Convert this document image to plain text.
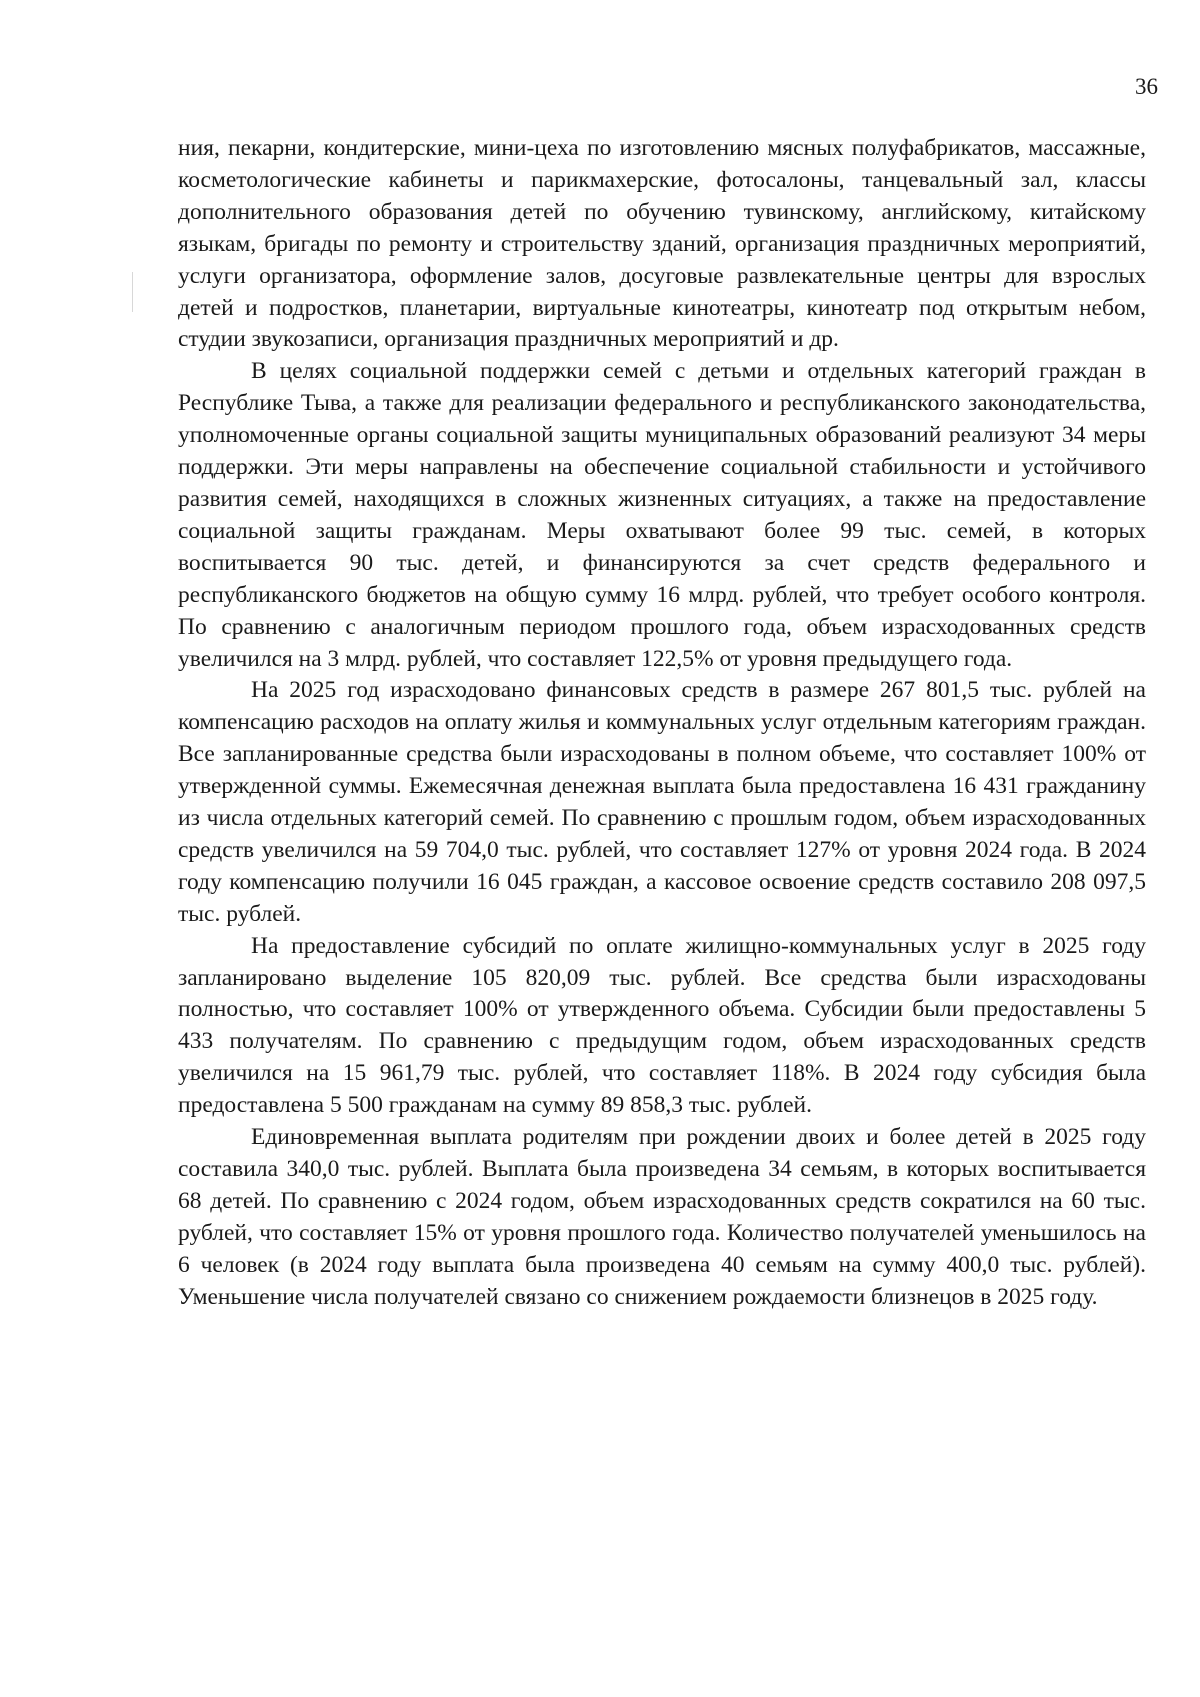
36

ния, пекарни, кондитерские, мини-цеха по изготовлению мясных полуфабрикатов, массажные, косметологические кабинеты и парикмахерские, фотосалоны, танцевальный зал, классы дополнительного образования детей по обучению тувинскому, английскому, китайскому языкам, бригады по ремонту и строительству зданий, организация праздничных мероприятий, услуги организатора, оформление залов, досуговые развлекательные центры для взрослых детей и подростков, планетарии, виртуальные кинотеатры, кинотеатр под открытым небом, студии звукозаписи, организация праздничных мероприятий и др.

В целях социальной поддержки семей с детьми и отдельных категорий граждан в Республике Тыва, а также для реализации федерального и республиканского законодательства, уполномоченные органы социальной защиты муниципальных образований реализуют 34 меры поддержки. Эти меры направлены на обеспечение социальной стабильности и устойчивого развития семей, находящихся в сложных жизненных ситуациях, а также на предоставление социальной защиты гражданам. Меры охватывают более 99 тыс. семей, в которых воспитывается 90 тыс. детей, и финансируются за счет средств федерального и республиканского бюджетов на общую сумму 16 млрд. рублей, что требует особого контроля. По сравнению с аналогичным периодом прошлого года, объем израсходованных средств увеличился на 3 млрд. рублей, что составляет 122,5% от уровня предыдущего года.

На 2025 год израсходовано финансовых средств в размере 267 801,5 тыс. рублей на компенсацию расходов на оплату жилья и коммунальных услуг отдельным категориям граждан. Все запланированные средства были израсходованы в полном объеме, что составляет 100% от утвержденной суммы. Ежемесячная денежная выплата была предоставлена 16 431 гражданину из числа отдельных категорий семей. По сравнению с прошлым годом, объем израсходованных средств увеличился на 59 704,0 тыс. рублей, что составляет 127% от уровня 2024 года. В 2024 году компенсацию получили 16 045 граждан, а кассовое освоение средств составило 208 097,5 тыс. рублей.

На предоставление субсидий по оплате жилищно-коммунальных услуг в 2025 году запланировано выделение 105 820,09 тыс. рублей. Все средства были израсходованы полностью, что составляет 100% от утвержденного объема. Субсидии были предоставлены 5 433 получателям. По сравнению с предыдущим годом, объем израсходованных средств увеличился на 15 961,79 тыс. рублей, что составляет 118%. В 2024 году субсидия была предоставлена 5 500 гражданам на сумму 89 858,3 тыс. рублей.

Единовременная выплата родителям при рождении двоих и более детей в 2025 году составила 340,0 тыс. рублей. Выплата была произведена 34 семьям, в которых воспитывается 68 детей. По сравнению с 2024 годом, объем израсходованных средств сократился на 60 тыс. рублей, что составляет 15% от уровня прошлого года. Количество получателей уменьшилось на 6 человек (в 2024 году выплата была произведена 40 семьям на сумму 400,0 тыс. рублей). Уменьшение числа получателей связано со снижением рождаемости близнецов в 2025 году.
